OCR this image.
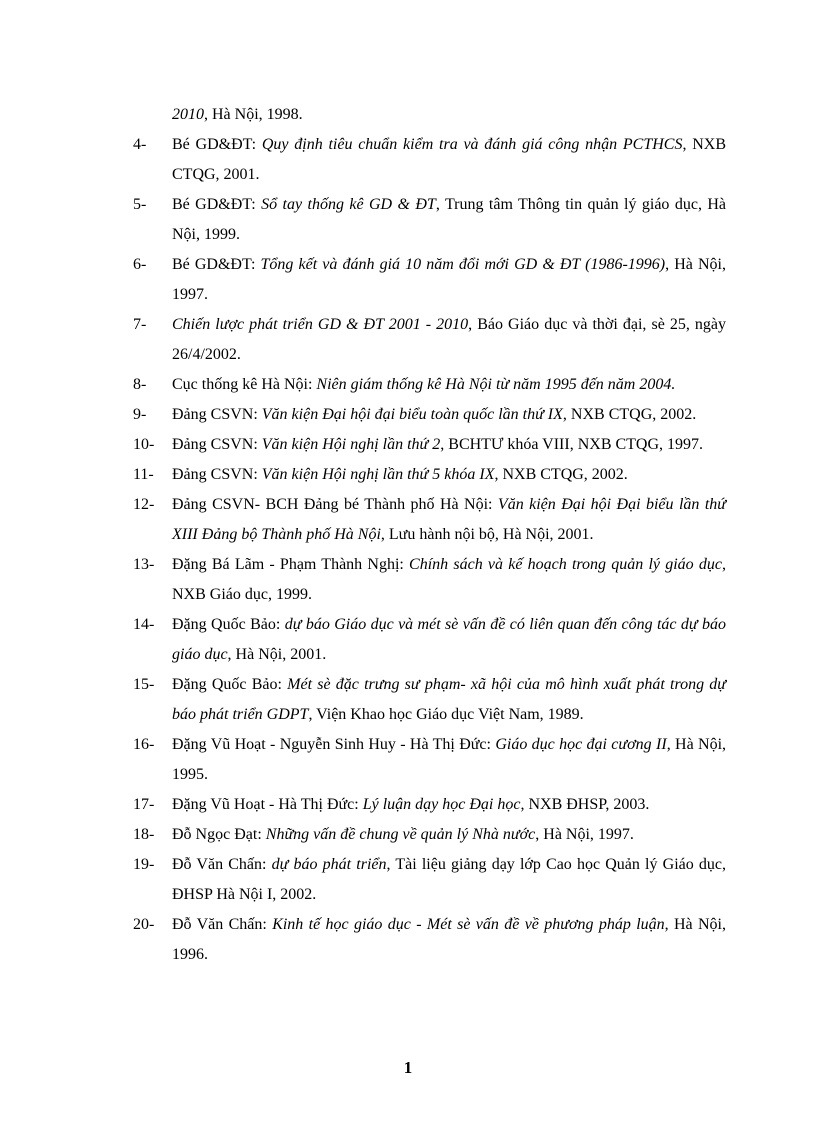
2010, Hà Nội, 1998.
4-	Bé GD&ĐT: Quy định tiêu chuẩn kiểm tra và đánh giá công nhận PCTHCS, NXB CTQG, 2001.
5-	Bé GD&ĐT: Sổ tay thống kê GD & ĐT, Trung tâm Thông tin quản lý giáo dục, Hà Nội, 1999.
6-	Bé GD&ĐT: Tổng kết và đánh giá 10 năm đổi mới GD & ĐT (1986-1996), Hà Nội, 1997.
7-	Chiến lược phát triển GD & ĐT 2001 - 2010, Báo Giáo dục và thời đại, sè 25, ngày 26/4/2002.
8-	Cục thống kê Hà Nội: Niên giám thống kê Hà Nội từ năm 1995 đến năm 2004.
9-	Đảng CSVN: Văn kiện Đại hội đại biểu toàn quốc lần thứ IX, NXB CTQG, 2002.
10-	Đảng CSVN: Văn kiện Hội nghị lần thứ 2, BCHTƯ khóa VIII, NXB CTQG, 1997.
11-	Đảng CSVN: Văn kiện Hội nghị lần thứ 5 khóa IX, NXB CTQG, 2002.
12-	Đảng CSVN- BCH Đảng bé Thành phố Hà Nội: Văn kiện Đại hội Đại biểu lần thứ XIII Đảng bộ Thành phố Hà Nội, Lưu hành nội bộ, Hà Nội, 2001.
13-	Đặng Bá Lãm - Phạm Thành Nghị: Chính sách và kế hoạch trong quản lý giáo dục, NXB Giáo dục, 1999.
14-	Đặng Quốc Bảo: dự báo Giáo dục và mét sè vấn đề có liên quan đến công tác dự báo giáo dục, Hà Nội, 2001.
15-	Đặng Quốc Bảo: Mét sè đặc trưng sư phạm- xã hội của mô hình xuất phát trong dự báo phát triển GDPT, Viện Khao học Giáo dục Việt Nam, 1989.
16-	Đặng Vũ Hoạt - Nguyễn Sinh Huy - Hà Thị Đức: Giáo dục học đại cương II, Hà Nội, 1995.
17-	Đặng Vũ Hoạt - Hà Thị Đức: Lý luận dạy học Đại học, NXB ĐHSP, 2003.
18-	Đỗ Ngọc Đạt: Những vấn đề chung về quản lý Nhà nước, Hà Nội, 1997.
19-	Đỗ Văn Chấn: dự báo phát triển, Tài liệu giảng dạy lớp Cao học Quản lý Giáo dục, ĐHSP Hà Nội I, 2002.
20-	Đỗ Văn Chấn: Kinh tế học giáo dục - Mét sè vấn đề về phương pháp luận, Hà Nội, 1996.
1
